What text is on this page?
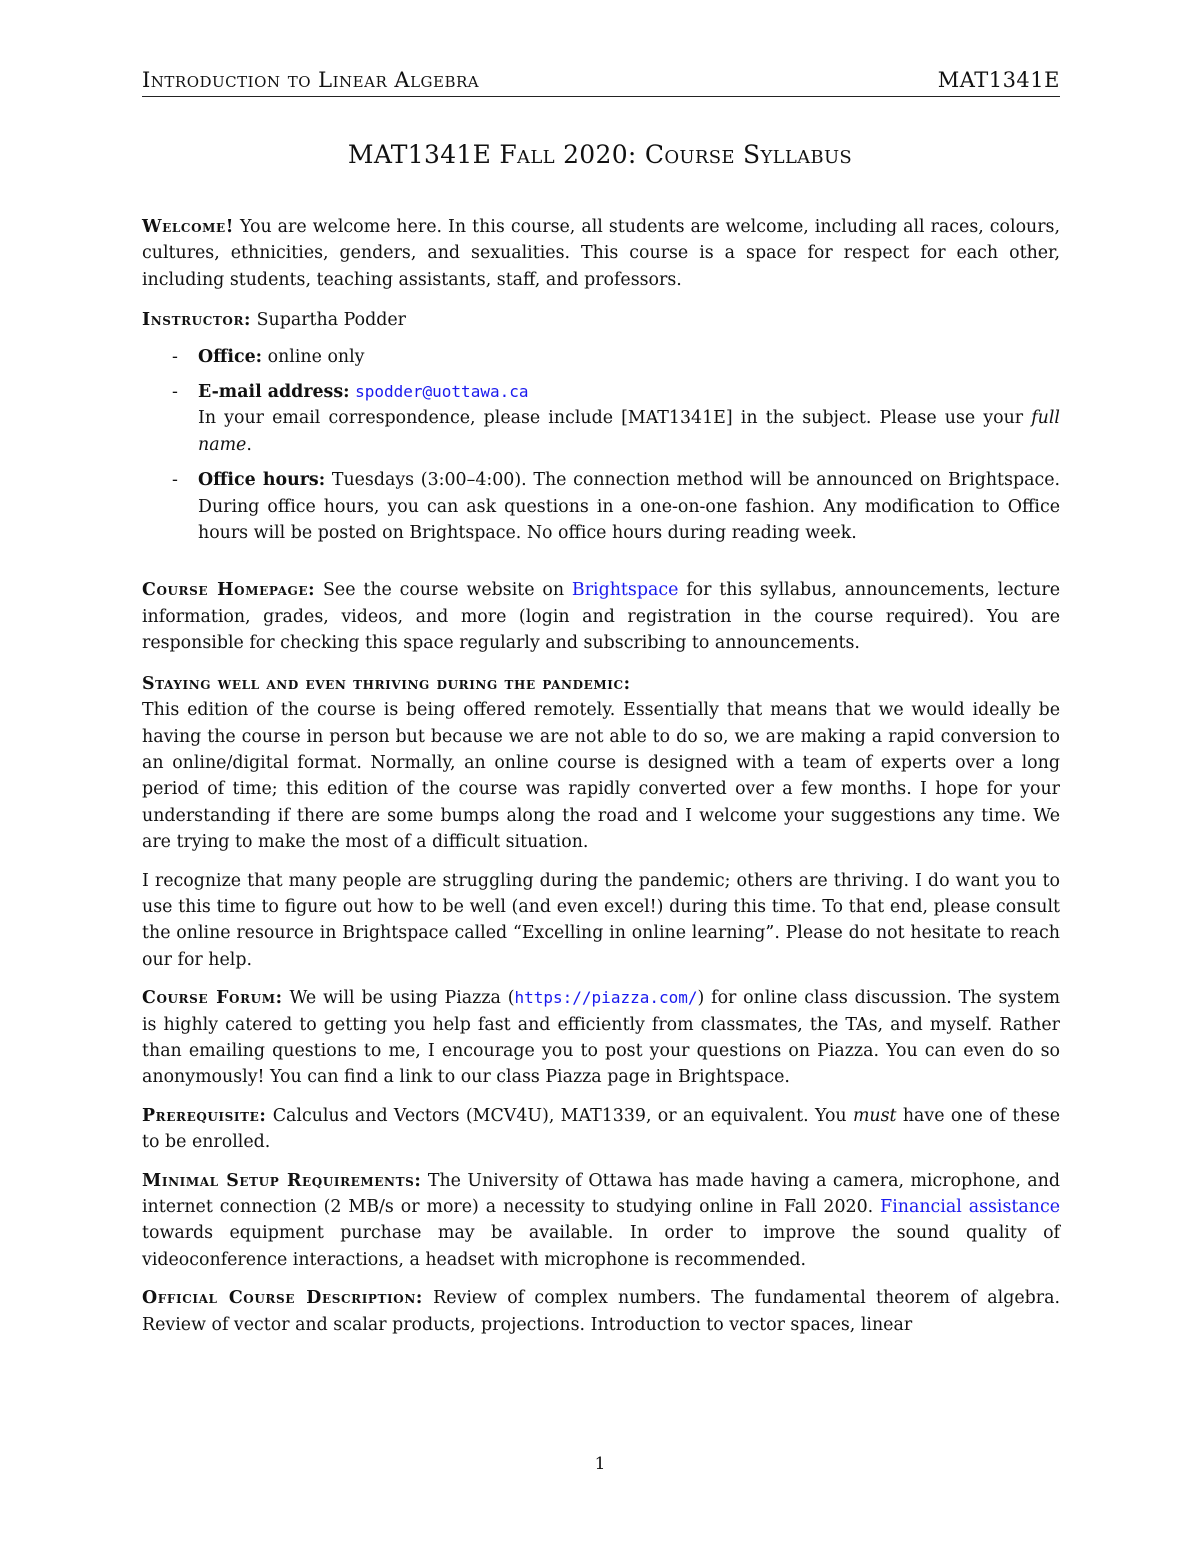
Introduction to Linear Algebra	MAT1341E
MAT1341E Fall 2020: Course Syllabus

Welcome! You are welcome here. In this course, all students are welcome, including all races, colours, cultures, ethnicities, genders, and sexualities. This course is a space for respect for each other, including students, teaching assistants, staff, and professors.

Instructor: Supartha Podder

- Office: online only
- E-mail address: spodder@uottawa.ca
In your email correspondence, please include [MAT1341E] in the subject. Please use your full name.
- Office hours: Tuesdays (3:00–4:00). The connection method will be announced on Brightspace. During office hours, you can ask questions in a one-on-one fashion. Any modification to Office hours will be posted on Brightspace. No office hours during reading week.

Course Homepage: See the course website on Brightspace for this syllabus, announcements, lecture information, grades, videos, and more (login and registration in the course required). You are responsible for checking this space regularly and subscribing to announcements.

Staying well and even thriving during the pandemic:

This edition of the course is being offered remotely. Essentially that means that we would ideally be having the course in person but because we are not able to do so, we are making a rapid conversion to an online/digital format. Normally, an online course is designed with a team of experts over a long period of time; this edition of the course was rapidly converted over a few months. I hope for your understanding if there are some bumps along the road and I welcome your suggestions any time. We are trying to make the most of a difficult situation.

I recognize that many people are struggling during the pandemic; others are thriving. I do want you to use this time to figure out how to be well (and even excel!) during this time. To that end, please consult the online resource in Brightspace called “Excelling in online learning”. Please do not hesitate to reach our for help.

Course Forum: We will be using Piazza (https://piazza.com/) for online class discussion. The system is highly catered to getting you help fast and efficiently from classmates, the TAs, and myself. Rather than emailing questions to me, I encourage you to post your questions on Piazza. You can even do so anonymously! You can find a link to our class Piazza page in Brightspace.

Prerequisite: Calculus and Vectors (MCV4U), MAT1339, or an equivalent. You must have one of these to be enrolled.

Minimal Setup Requirements: The University of Ottawa has made having a camera, microphone, and internet connection (2 MB/s or more) a necessity to studying online in Fall 2020. Financial assistance towards equipment purchase may be available. In order to improve the sound quality of videoconference interactions, a headset with microphone is recommended.

Official Course Description: Review of complex numbers. The fundamental theorem of algebra. Review of vector and scalar products, projections. Introduction to vector spaces, linear

1
